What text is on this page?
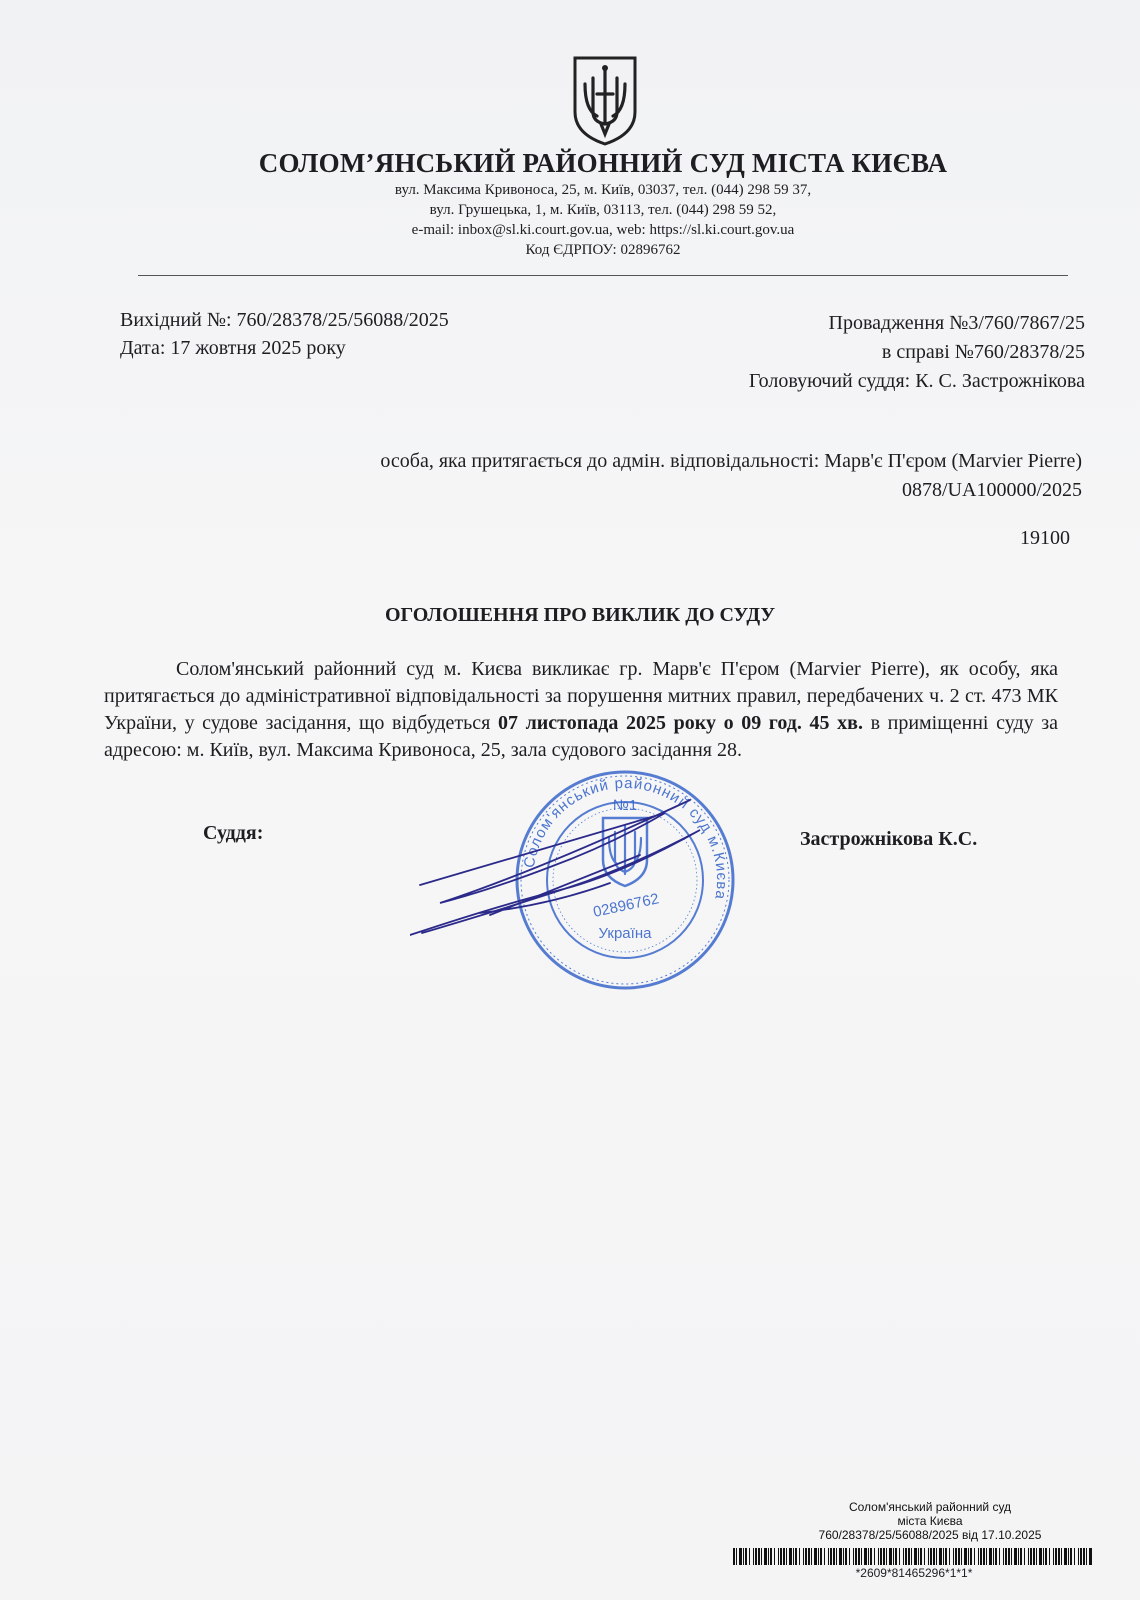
СОЛОМ’ЯНСЬКИЙ РАЙОННИЙ СУД МІСТА КИЄВА
вул. Максима Кривоноса, 25, м. Київ, 03037, тел. (044) 298 59 37,
вул. Грушецька, 1, м. Київ, 03113, тел. (044) 298 59 52,
e-mail: inbox@sl.ki.court.gov.ua, web: https://sl.ki.court.gov.ua
Код ЄДРПОУ: 02896762
Вихідний №: 760/28378/25/56088/2025
Дата: 17 жовтня 2025 року
Провадження №3/760/7867/25
в справі №760/28378/25
Головуючий суддя: К. С. Застрожнікова
особа, яка притягається до адмін. відповідальності: Марв'є П'єром (Marvier Pierre)
0878/UA100000/2025
19100
ОГОЛОШЕННЯ ПРО ВИКЛИК ДО СУДУ
Солом'янський районний суд м. Києва викликає гр. Марв'є П'єром (Marvier Pierre), як особу, яка притягається до адміністративної відповідальності за порушення митних правил, передбачених ч. 2 ст. 473 МК України, у судове засідання, що відбудеться 07 листопада 2025 року о 09 год. 45 хв. в приміщенні суду за адресою: м. Київ, вул. Максима Кривоноса, 25, зала судового засідання 28.
Солом'янський районний суд м.Києва
№1
02896762
Україна
Суддя:	Застрожнікова К.С.
Солом'янський районний суд
міста Києва
760/28378/25/56088/2025 від 17.10.2025
*2609*81465296*1*1*
